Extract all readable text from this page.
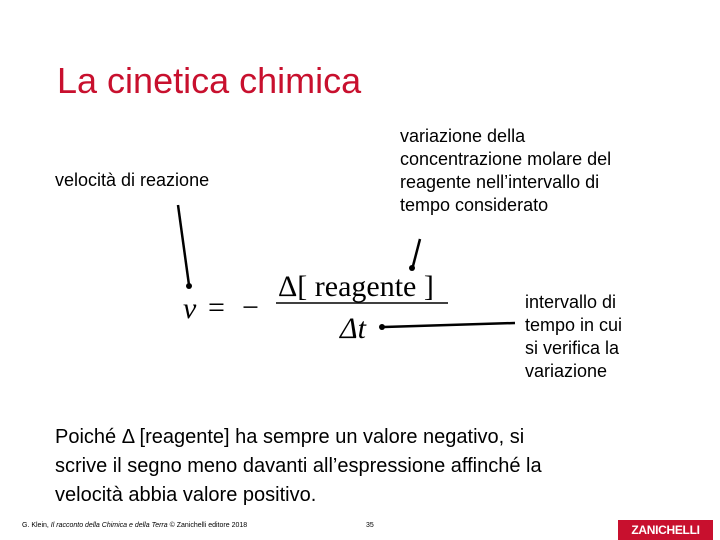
La cinetica chimica
velocità di reazione
variazione della
concentrazione molare del
reagente nell’intervallo di
tempo considerato
intervallo di
tempo in cui
si verifica la
variazione
v = −
Δ[ reagente ]
Δt
Poiché Δ [reagente] ha sempre un valore negativo, si
scrive il segno meno davanti all’espressione affinché la
velocità abbia valore positivo.
G. Klein, Il racconto della Chimica e della Terra © Zanichelli editore 2018	35	ZANICHELLI
